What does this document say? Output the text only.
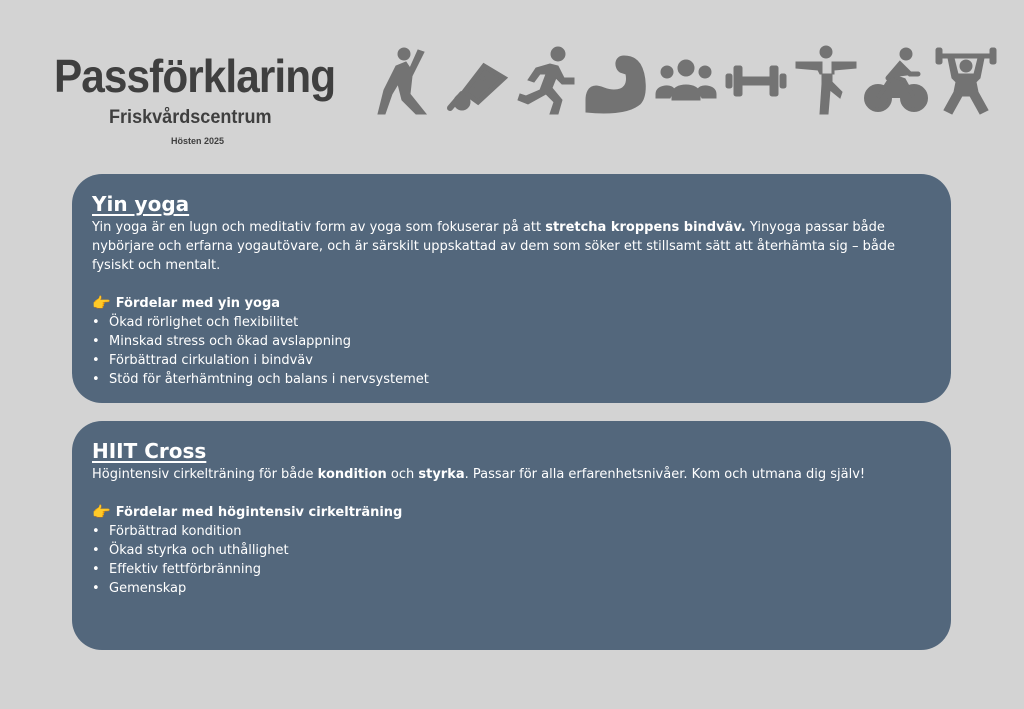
Passförklaring
Friskvårdscentrum
Hösten 2025
Yin yoga

Yin yoga är en lugn och meditativ form av yoga som fokuserar på att stretcha kroppens bindväv. Yinyoga passar både nybörjare och erfarna yogautövare, och är särskilt uppskattad av dem som söker ett stillsamt sätt att återhämta sig – både fysiskt och mentalt.

👉 Fördelar med yin yoga
• Ökad rörlighet och flexibilitet
• Minskad stress och ökad avslappning
• Förbättrad cirkulation i bindväv
• Stöd för återhämtning och balans i nervsystemet
HIIT Cross

Högintensiv cirkelträning för både kondition och styrka. Passar för alla erfarenhetsnivåer. Kom och utmana dig själv!

👉 Fördelar med högintensiv cirkelträning
• Förbättrad kondition
• Ökad styrka och uthållighet
• Effektiv fettförbränning
• Gemenskap
